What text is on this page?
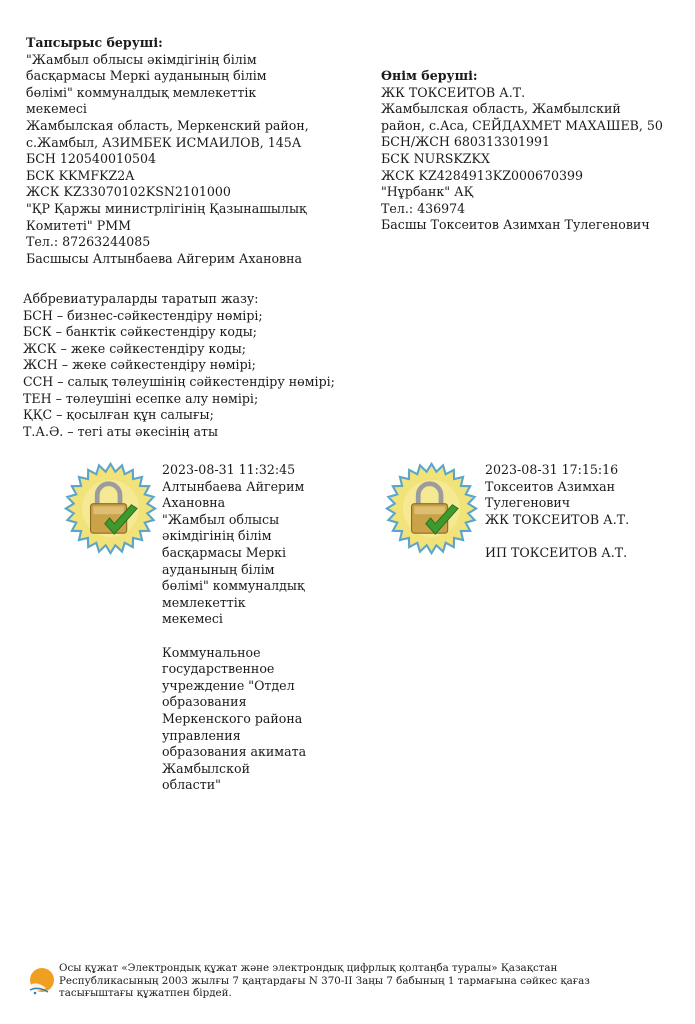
Тапсырыс беруші:
"Жамбыл облысы әкімдігінің білім
басқармасы Меркі ауданының білім
бөлімі" коммуналдық мемлекеттік
мекемесі
Жамбылская область, Меркенский район,
с.Жамбыл, АЗИМБЕК ИСМАИЛОВ, 145А
БСН 120540010504
БСК KKMFKZ2A
ЖСК KZ33070102KSN2101000
"ҚР Қаржы министрлігінің Қазынашылық
Комитеті" РММ
Тел.: 87263244085
Басшысы Алтынбаева Айгерим Ахановна
Өнім беруші:
ЖК ТОКСЕИТОВ А.Т.
Жамбылская область, Жамбылский
район, с.Аса, СЕЙДАХМЕТ МАХАШЕВ, 50
БСН/ЖСН 680313301991
БСК NURSKZKX
ЖСК KZ4284913KZ000670399
"Нұрбанк" АҚ
Тел.: 436974
Басшы Токсеитов Азимхан Тулегенович
Аббревиатураларды таратып жазу:
БСН – бизнес-сәйкестендіру нөмірі;
БСК – банктік сәйкестендіру коды;
ЖСК – жеке сәйкестендіру коды;
ЖСН – жеке сәйкестендіру нөмірі;
ССН – салық төлеушінің сәйкестендіру нөмірі;
ТЕН – төлеушіні есепке алу нөмірі;
ҚҚС – қосылған құн салығы;
Т.А.Ә. – тегі аты әкесінің аты
2023-08-31 11:32:45
Алтынбаева Айгерим
Ахановна
"Жамбыл облысы
әкімдігінің білім
басқармасы Меркі
ауданының білім
бөлімі" коммуналдық
мемлекеттік
мекемесі
Коммунальное
государственное
учреждение "Отдел
образования
Меркенского района
управления
образования акимата
Жамбылской
области"
2023-08-31 17:15:16
Токсеитов Азимхан
Тулегенович
ЖК ТОКСЕИТОВ А.Т.
ИП ТОКСЕИТОВ А.Т.
Осы құжат «Электрондық құжат және электрондық цифрлық қолтаңба туралы» Қазақстан
Республикасының 2003 жылғы 7 қаңтардағы N 370-II Заңы 7 бабының 1 тармағына сәйкес қағаз
тасығыштағы құжатпен бірдей.
